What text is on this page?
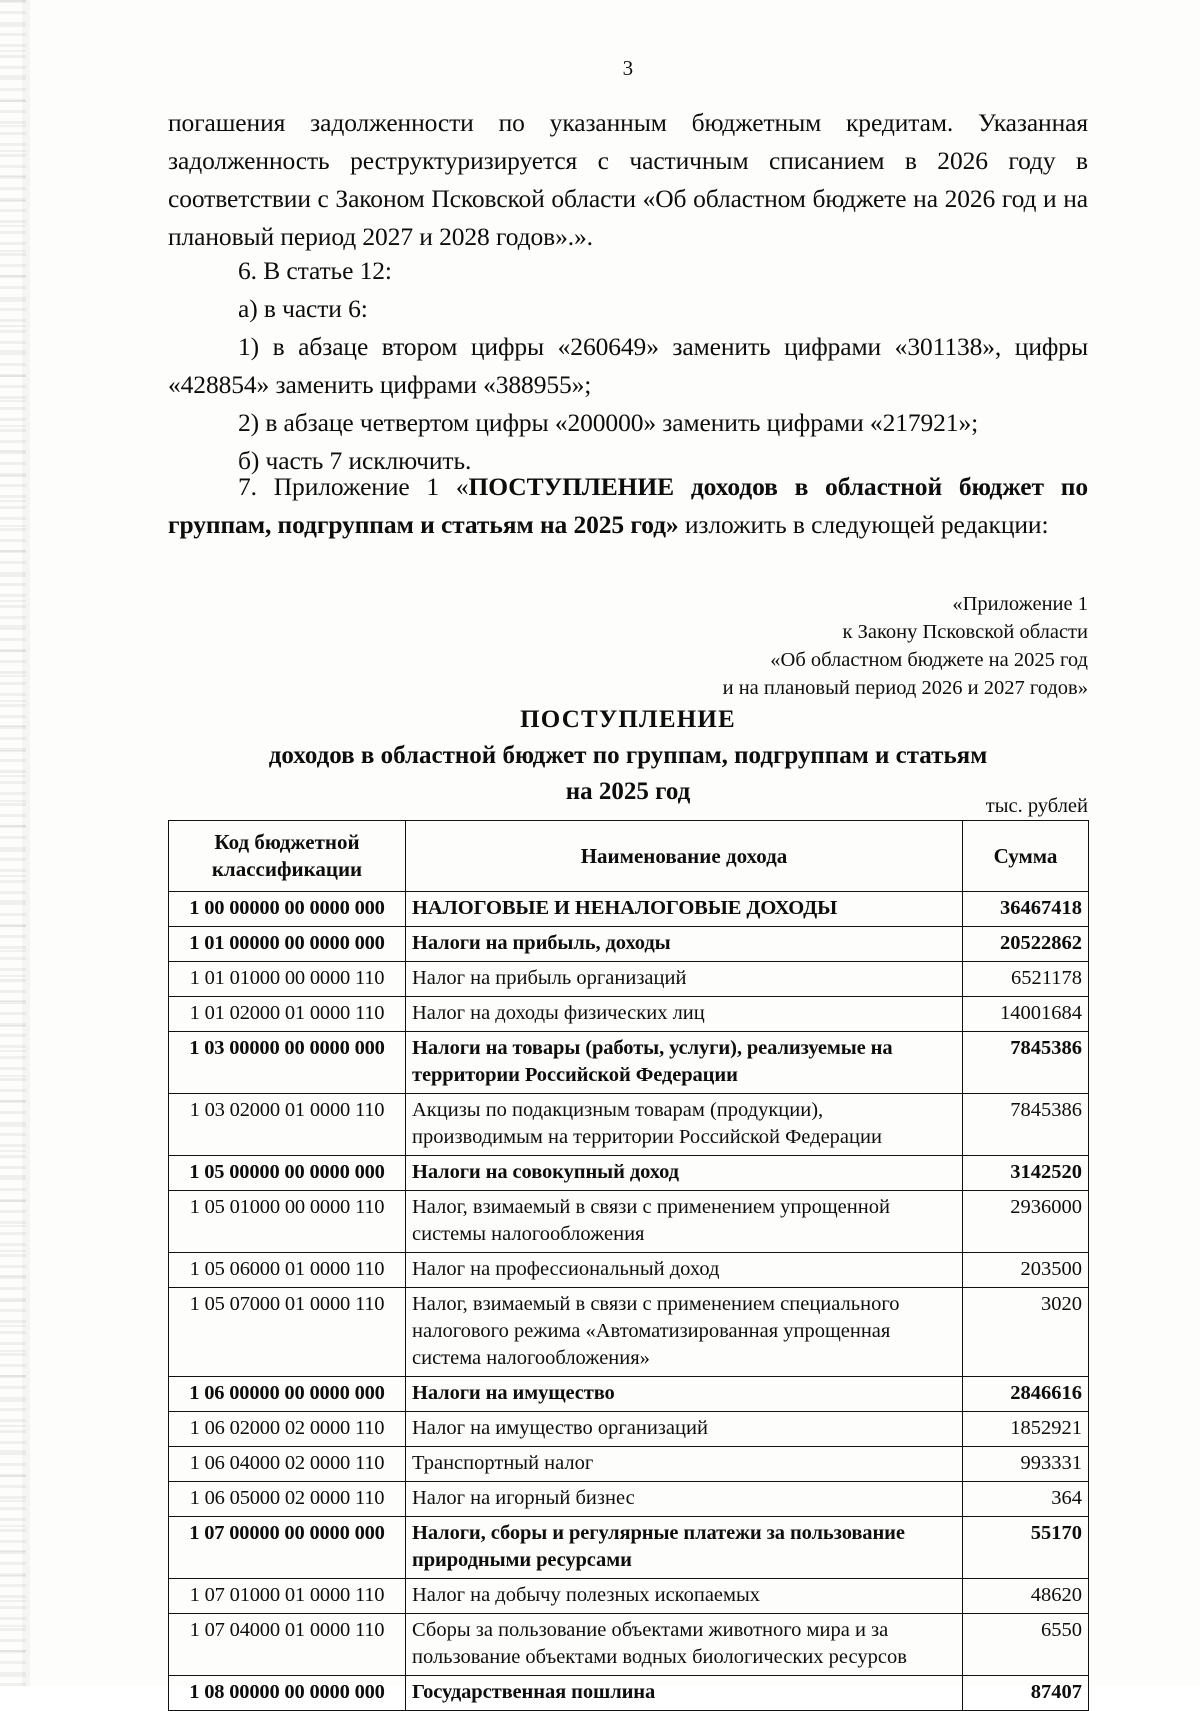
3

погашения задолженности по указанным бюджетным кредитам. Указанная задолженность реструктуризируется с частичным списанием в 2026 году в соответствии с Законом Псковской области «Об областном бюджете на 2026 год и на плановый период 2027 и 2028 годов».».

6. В статье 12:

а) в части 6:

1) в абзаце втором цифры «260649» заменить цифрами «301138», цифры «428854» заменить цифрами «388955»;

2) в абзаце четвертом цифры «200000» заменить цифрами «217921»;

б) часть 7 исключить.

7. Приложение 1 «ПОСТУПЛЕНИЕ доходов в областной бюджет по группам, подгруппам и статьям на 2025 год» изложить в следующей редакции:

«Приложение 1
к Закону Псковской области
«Об областном бюджете на 2025 год
и на плановый период 2026 и 2027 годов»
ПОСТУПЛЕНИЕ
доходов в областной бюджет по группам, подгруппам и статьям
на 2025 год
тыс. рублей
Код бюджетной классификации	Наименование дохода	Сумма
1 00 00000 00 0000 000	НАЛОГОВЫЕ И НЕНАЛОГОВЫЕ ДОХОДЫ	36467418
1 01 00000 00 0000 000	Налоги на прибыль, доходы	20522862
1 01 01000 00 0000 110	Налог на прибыль организаций	6521178
1 01 02000 01 0000 110	Налог на доходы физических лиц	14001684
1 03 00000 00 0000 000	Налоги на товары (работы, услуги), реализуемые на территории Российской Федерации	7845386
1 03 02000 01 0000 110	Акцизы по подакцизным товарам (продукции), производимым на территории Российской Федерации	7845386
1 05 00000 00 0000 000	Налоги на совокупный доход	3142520
1 05 01000 00 0000 110	Налог, взимаемый в связи с применением упрощенной системы налогообложения	2936000
1 05 06000 01 0000 110	Налог на профессиональный доход	203500
1 05 07000 01 0000 110	Налог, взимаемый в связи с применением специального налогового режима «Автоматизированная упрощенная система налогообложения»	3020
1 06 00000 00 0000 000	Налоги на имущество	2846616
1 06 02000 02 0000 110	Налог на имущество организаций	1852921
1 06 04000 02 0000 110	Транспортный налог	993331
1 06 05000 02 0000 110	Налог на игорный бизнес	364
1 07 00000 00 0000 000	Налоги, сборы и регулярные платежи за пользование природными ресурсами	55170
1 07 01000 01 0000 110	Налог на добычу полезных ископаемых	48620
1 07 04000 01 0000 110	Сборы за пользование объектами животного мира и за пользование объектами водных биологических ресурсов	6550
1 08 00000 00 0000 000	Государственная пошлина	87407
